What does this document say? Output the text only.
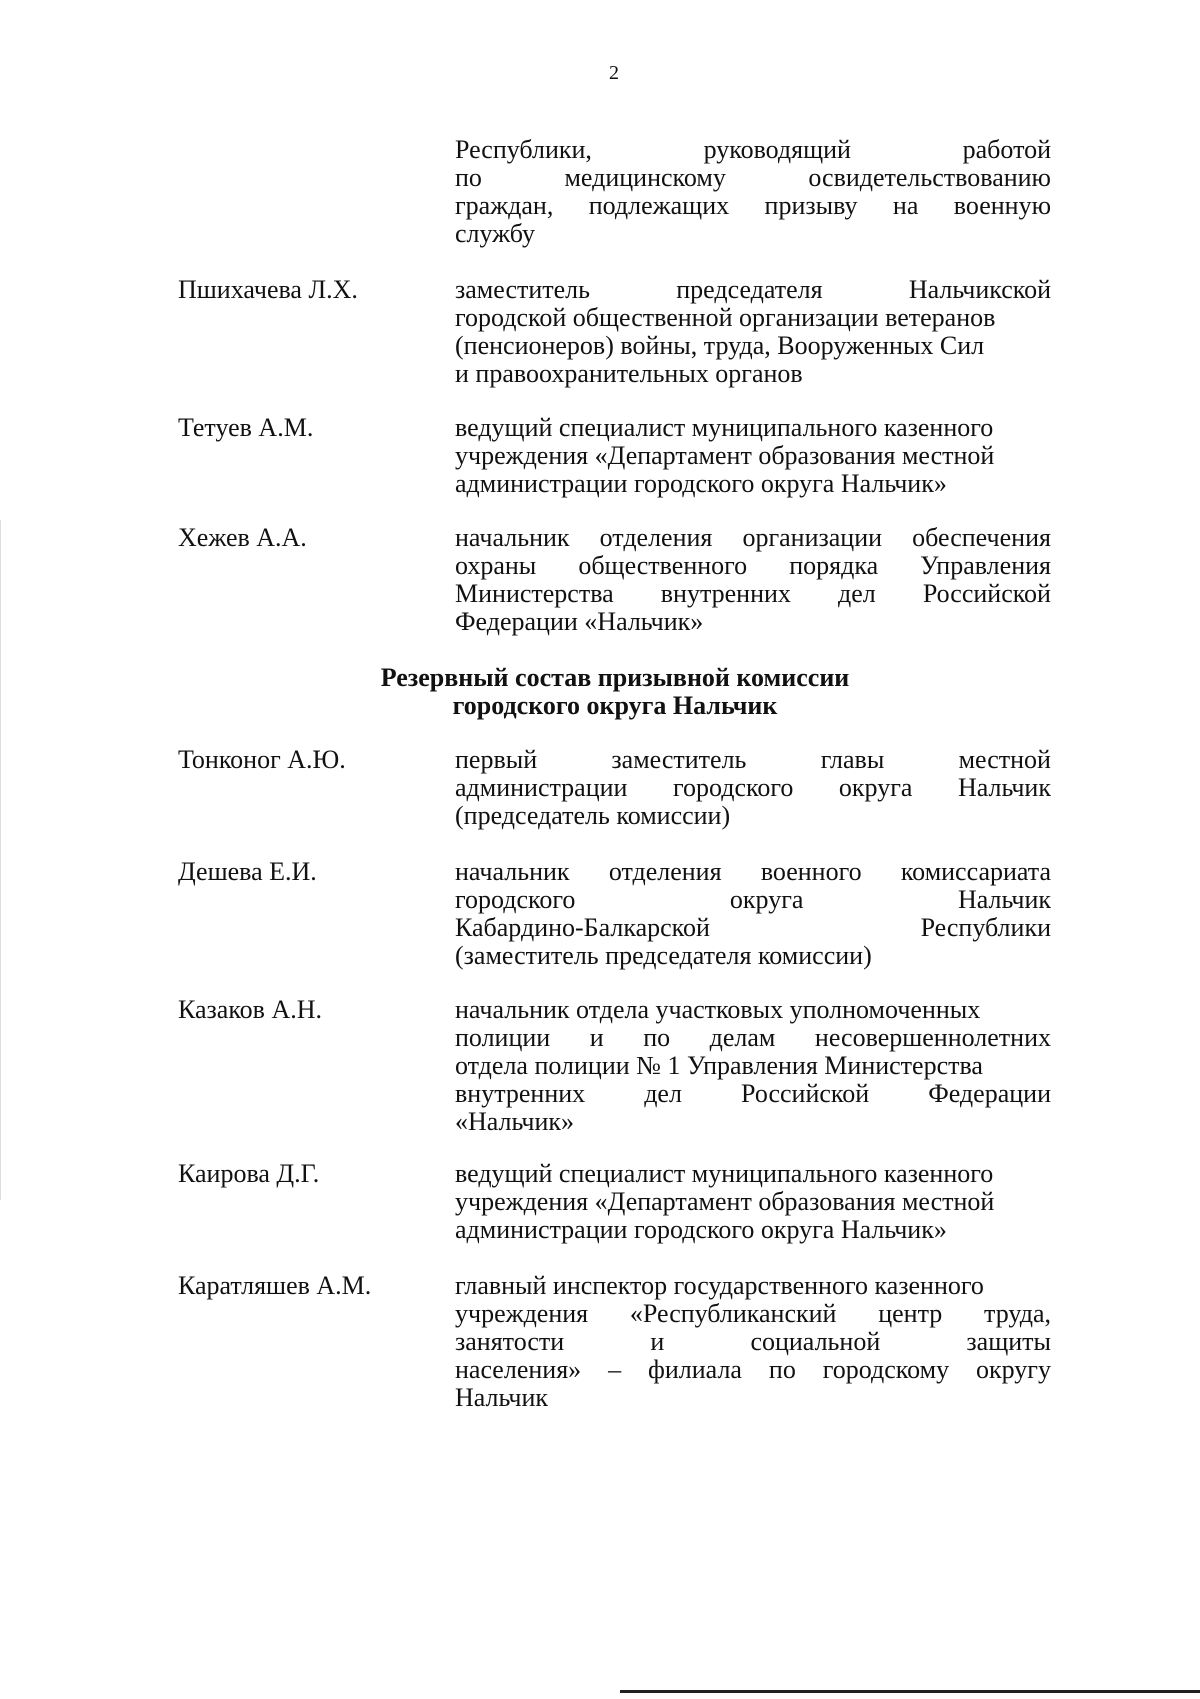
2
Республики,	руководящий	работой
по	медицинскому	освидетельствованию
граждан, подлежащих призыву на военную
службу
Пшихачева Л.Х.	заместитель	председателя	Нальчикской
городской общественной организации ветеранов
(пенсионеров) войны, труда, Вооруженных Сил
и правоохранительных органов
Тетуев А.М.	ведущий специалист муниципального казенного
учреждения «Департамент образования местной
администрации городского округа Нальчик»
Хежев А.А.	начальник отделения организации обеспечения
охраны общественного порядка Управления
Министерства внутренних дел Российской
Федерации «Нальчик»
Резервный состав призывной комиссии
городского округа Нальчик
Тонконог А.Ю.	первый	заместитель	главы	местной
администрации городского округа Нальчик
(председатель комиссии)
Дешева Е.И.	начальник отделения военного комиссариата
городского	округа	Нальчик
Кабардино-Балкарской	Республики
(заместитель председателя комиссии)
Казаков А.Н.	начальник отдела участковых уполномоченных
полиции и по делам несовершеннолетних
отдела полиции № 1 Управления Министерства
внутренних дел Российской Федерации
«Нальчик»
Каирова Д.Г.	ведущий специалист муниципального казенного
учреждения «Департамент образования местной
администрации городского округа Нальчик»
Каратляшев А.М.	главный инспектор государственного казенного
учреждения «Республиканский центр труда,
занятости	и	социальной	защиты
населения» – филиала по городскому округу
Нальчик
